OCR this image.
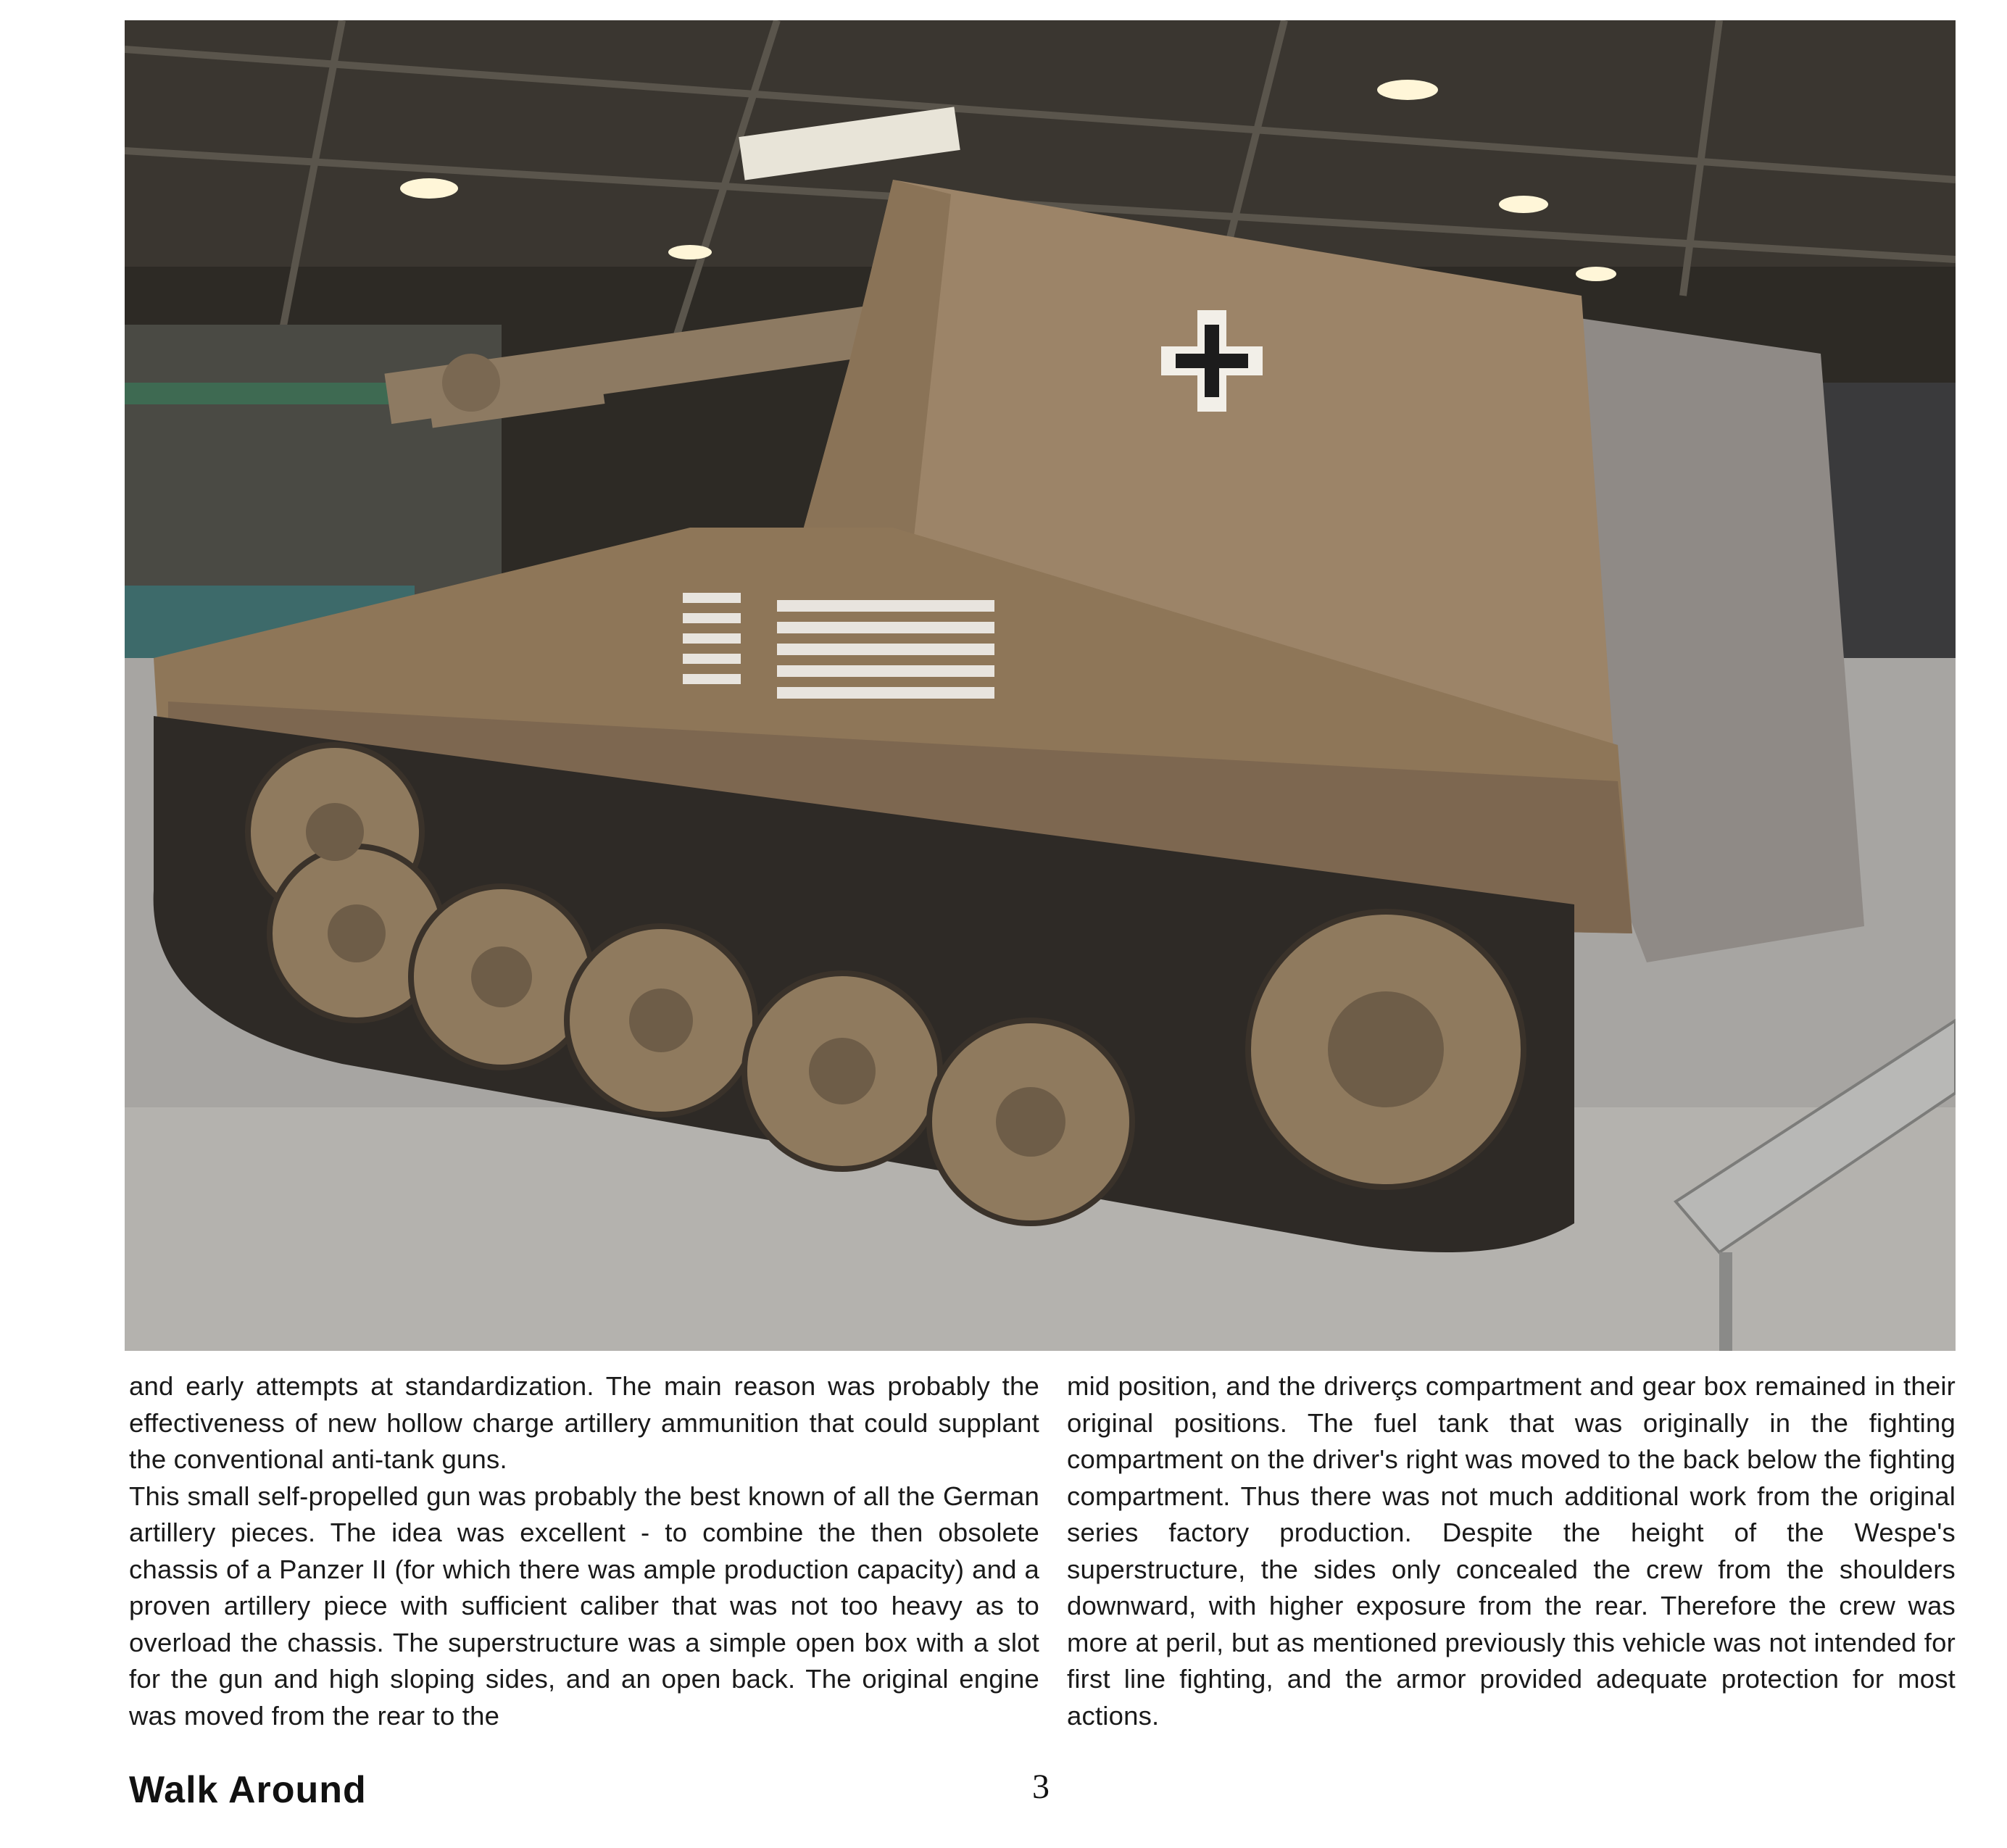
and early attempts at standardization. The main reason was probably the effectiveness of new hollow charge artillery ammunition that could supplant the conventional anti-tank guns.

This small self-propelled gun was probably the best known of all the German artillery pieces. The idea was excellent - to combine the then obsolete chassis of a Panzer II (for which there was ample production capacity) and a proven artillery piece with sufficient caliber that was not too heavy as to overload the chassis. The superstructure was a simple open box with a slot for the gun and high sloping sides, and an open back. The original engine was moved from the rear to the

mid position, and the driverçs compartment and gear box remained in their original positions. The fuel tank that was originally in the fighting compartment on the driver's right was moved to the back below the fighting compartment. Thus there was not much additional work from the original series factory production. Despite the height of the Wespe's superstructure, the sides only concealed the crew from the shoulders downward, with higher exposure from the rear. Therefore the crew was more at peril, but as mentioned previously this vehicle was not intended for first line fighting, and the armor provided adequate protection for most actions.

Walk Around	3
